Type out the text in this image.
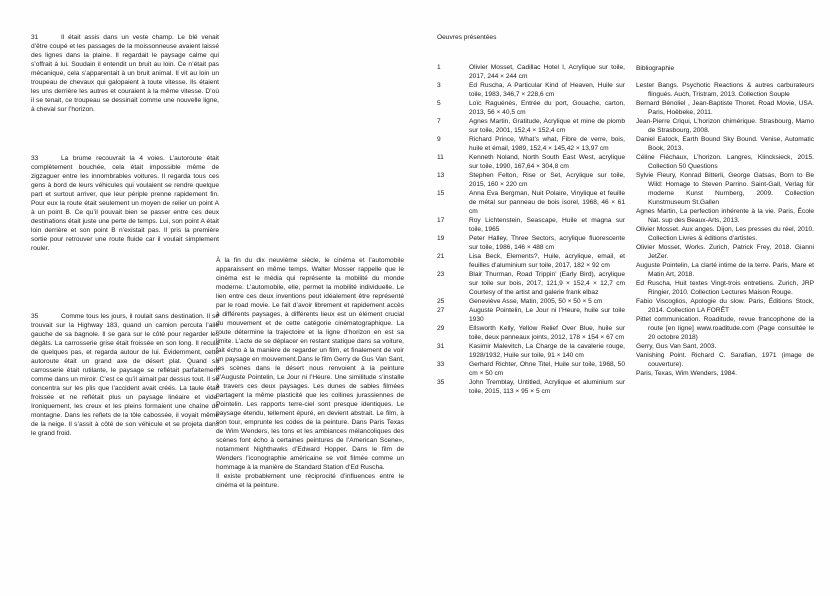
31	Il était assis dans un veste champ. Le blé venait d’être coupé et les passages de la moissonneuse avaient laissé des lignes dans la plaine. Il regardait le paysage calme qui s’offrait à lui. Soudain il entendit un bruit au loin. Ce n’était pas mécanique, cela s’apparentait à un bruit animal. Il vit au loin un troupeau de chevaux qui galopaient à toute vitesse. Ils étaient les uns derrière les autres et couraient à la même vitesse. D’où il se tenait, ce troupeau se dessinait comme une nouvelle ligne, à cheval sur l’horizon.

33	La brume recouvrait la 4 voies. L’autoroute était complètement bouchée, cela était impossible même de zigzaguer entre les innombrables voitures. Il regarda tous ces gens à bord de leurs véhicules qui voulaient se rendre quelque part et surtout arriver, que leur périple prenne rapidement fin. Pour eux la route était seulement un moyen de relier un point A à un point B. Ce qu’il pouvait bien se passer entre ces deux destinations était juste une perte de temps. Lui, son point A était loin derrière et son point B n’existait pas. Il pris la première sortie pour retrouver une route fluide car il voulait simplement rouler.

35	Comme tous les jours, il roulait sans destination. Il se trouvait sur la Highway 183, quand un camion percuta l’aile gauche de sa bagnole. Il se gara sur le côté pour regarder les dégâts. La carrosserie grise était froissée en son long. Il recula de quelques pas, et regarda autour de lui. Évidemment, cette autoroute était un grand axe de désert plat. Quand sa carrosserie était rutilante, le paysage se reflétait parfaitement comme dans un miroir. C’est ce qu’il aimait par dessus tout. Il se concentra sur les plis que l’accident avait créés. La taule était froissée et ne reflétait plus un paysage linéaire et vide. Ironiquement, les creux et les pleins formaient une chaîne de montagne. Dans les reflets de la tôle cabossée, il voyait même de la neige. Il s’assit à côté de son véhicule et se projeta dans le grand froid.

À la fin du dix neuvième siècle, le cinéma et l’automobile apparaissent en même temps. Walter Mosser rappelle que le cinéma est le média qui représente la mobilité du monde moderne. L’automobile, elle, permet la mobilité individuelle. Le lien entre ces deux inventions peut idéalement être représenté par le road movie. Le fait d’avoir librement et rapidement accès à différents paysages, à différents lieux est un élément crucial du mouvement et de cette catégorie cinématographique. La route détermine la trajectoire et la ligne d’horizon en est sa limite. L’acte de se déplacer en restant statique dans sa voiture, fait écho à la manière de regarder un film, et finalement de voir un paysage en mouvement.Dans le film Gerry de Gus Van Sant, les scènes dans le désert nous renvoient à la peinture d’Auguste Pointelin, Le Jour ni l’Heure. Une similitude s’installe à travers ces deux paysages. Les dunes de sables filmées partagent la même plasticité que les collines jurassiennes de Pointelin. Les rapports terre-ciel sont presque identiques. Le paysage étendu, tellement épuré, en devient abstrait. Le film, à son tour, emprunte les codes de la peinture. Dans Paris Texas de Wim Wenders, les tons et les ambiances mélancoliques des scènes font écho à certaines peintures de l’American Scene», notamment Nighthawks d’Edward Hopper. Dans le film de Wenders l’iconographie américaine se voit filmée comme un hommage à la manière de Standard Station d’Ed Ruscha.

Il existe probablement une réciprocité d’influences entre le cinéma et la peinture.

Oeuvres présentées

1	Olivier Mosset, Cadillac Hotel I, Acrylique sur toile, 2017, 244 × 244 cm

3	Ed Ruscha, A Particular Kind of Heaven, Huile sur toile, 1983, 346,7 × 228,6 cm

5	Loïc Raguénès, Entrée du port, Gouache, carton, 2013, 56 × 40,5 cm

7	Agnes Martin, Gratitude, Acrylique et mine de plomb sur toile, 2001, 152,4 × 152,4 cm

9	Richard Prince, What’s what, Fibre de verre, bois, huile et émail, 1989, 152,4 × 145,42 × 13,97 cm

11	Kenneth Noland, North South East West, acrylique sur toile, 1990, 167,64 × 304,8 cm

13	Stephen Felton, Rise or Set, Acrylique sur toile, 2015, 160 × 220 cm

15	Anna Eva Bergman, Nuit Polaire, Vinylique et feuille de métal sur panneau de bois isorel, 1968, 46 × 61 cm

17	Roy Lichtenstein, Seascape, Huile et magna sur toile, 1965

19	Peter Halley, Three Sectors, acrylique fluorescente sur toile, 1986, 146 × 488 cm

21	Lisa Beck, Elements?, Huile, acrylique, email, et feuilles d’aluminium sur toile, 2017, 182 × 92 cm

23	Blair Thurman, Road Trippin’ (Early Bird), acrylique sur toile sur bois, 2017, 121,9 × 152,4 × 12,7 cm Courtesy of the artist and galerie frank elbaz

25	Geneviève Asse, Matin, 2005, 50 × 50 × 5 cm

27	Auguste Pointelin, Le Jour ni l’Heure, huile sur toile 1930

29	Ellsworth Kelly, Yellow Relief Over Blue, huile sur toile, deux panneaux joints, 2012, 178 × 154 × 67 cm

31	Kasimir Malevitch, La Charge de la cavalerie rouge, 1928/1932, Huile sur toile, 91 × 140 cm

33	Gerhard Richter, Ohne Titel, Huile sur toile, 1968, 50 cm × 50 cm

35	John Tremblay, Untitled, Acrylique et aluminium sur toile, 2015, 113 × 95 × 5 cm

Bibliographie

Lester Bangs. Psychotic Reactions & autres carburateurs flingués. Auch, Tristram, 2013. Collection Souple

Bernard Bénoliel , Jean-Baptiste Thoret. Road Movie, USA. Paris, Hoëbeke, 2011.

Jean-Pierre Criqui, L’horizon chimérique. Strasbourg, Mamo de Strasbourg, 2008.

Daniel Eatock, Earth Bound Sky Bound. Venise, Automatic Book, 2013.

Céline Fléchaux, L’horizon. Langres, Klincksieck, 2015. Collection 50 Questions

Sylvie Fleury, Konrad Bitterli, George Gatsas, Born to Be Wild: Homage to Steven Parrino. Saint-Gall, Verlag für moderne Kunst Nurnberg, 2009. Collection Kunstmuseum St.Gallen

Agnes Martin, La perfection inhérente à la vie. Paris, École Nat. sup des Beaux-Arts, 2013.

Olivier Mosset. Aux anges. Dijon, Les presses du réel, 2010. Collection Livres & éditions d’artistes.

Olivier Mosset, Works. Zurich, Patrick Frey, 2018. Gianni JetZer.

Auguste Pointelin, La clarté intime de la terre. Paris, Mare et Matin Art, 2018.

Ed Ruscha, Huit textes Vingt-trois entretiens. Zurich, JRP Ringier, 2010. Collection Lectures Maison Rouge.

Fabio Viscoglios, Apologie du slow. Paris, Éditions Stock, 2014. Collection LA FORÊT

Pittet communication. Roaditude, revue francophone de la route [en ligne] www.roaditude.com (Page consultée le 20 octobre 2018)

Gerry, Gus Van Sant, 2003.

Vanishing Point. Richard C. Sarafian, 1971 (image de couverture).

Paris, Texas, Wim Wenders, 1984.
